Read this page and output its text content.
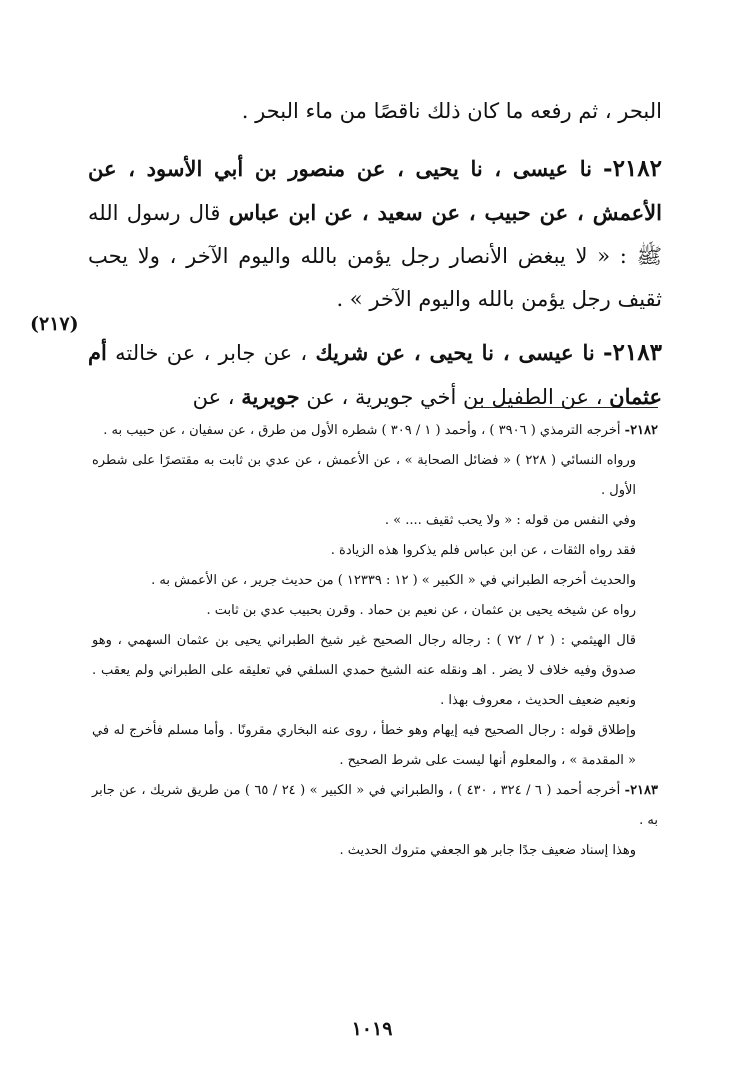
البحر ، ثم رفعه ما كان ذلك ناقصًا من ماء البحر .

٢١٨٢- نا عيسى ، نا يحيى ، عن منصور بن أبي الأسود ، عن الأعمش ، عن حبيب ، عن سعيد ، عن ابن عباس قال رسول الله ﷺ : « لا يبغض الأنصار رجل يؤمن بالله واليوم الآخر ، ولا يحب ثقيف رجل يؤمن بالله واليوم الآخر » .

٢١٨٣- نا عيسى ، نا يحيى ، عن شريك ، عن جابر ، عن خالته أم عثمان ، عن الطفيل بن أخي جويرية ، عن جويرية ، عن

(٢١٧)

٢١٨٢- أخرجه الترمذي ( ٣٩٠٦ ) ، وأحمد ( ١ / ٣٠٩ ) شطره الأول من طرق ، عن سفيان ، عن حبيب به .

ورواه النسائي ( ٢٢٨ ) « فضائل الصحابة » ، عن الأعمش ، عن عدي بن ثابت به مقتصرًا على شطره الأول .

وفي النفس من قوله : « ولا يحب ثقيف .... » .

فقد رواه الثقات ، عن ابن عباس فلم يذكروا هذه الزيادة .

والحديث أخرجه الطبراني في « الكبير » ( ١٢ : ١٢٣٣٩ ) من حديث جرير ، عن الأعمش به .

رواه عن شيخه يحيى بن عثمان ، عن نعيم بن حماد . وقرن بحبيب عدي بن ثابت .

قال الهيثمي : ( ٢ / ٧٢ ) : رجاله رجال الصحيح غير شيخ الطبراني يحيى بن عثمان السهمي ، وهو صدوق وفيه خلاف لا يضر . اهـ ونقله عنه الشيخ حمدي السلفي في تعليقه على الطبراني ولم يعقب . ونعيم ضعيف الحديث ، معروف بهذا .

وإطلاق قوله : رجال الصحيح فيه إيهام وهو خطأ ، روى عنه البخاري مقرونًا . وأما مسلم فأخرج له في « المقدمة » ، والمعلوم أنها ليست على شرط الصحيح .

٢١٨٣- أخرجه أحمد ( ٦ / ٣٢٤ ، ٤٣٠ ) ، والطبراني في « الكبير » ( ٢٤ / ٦٥ ) من طريق شريك ، عن جابر به .

وهذا إسناد ضعيف جدًا جابر هو الجعفي متروك الحديث .

١٠١٩
